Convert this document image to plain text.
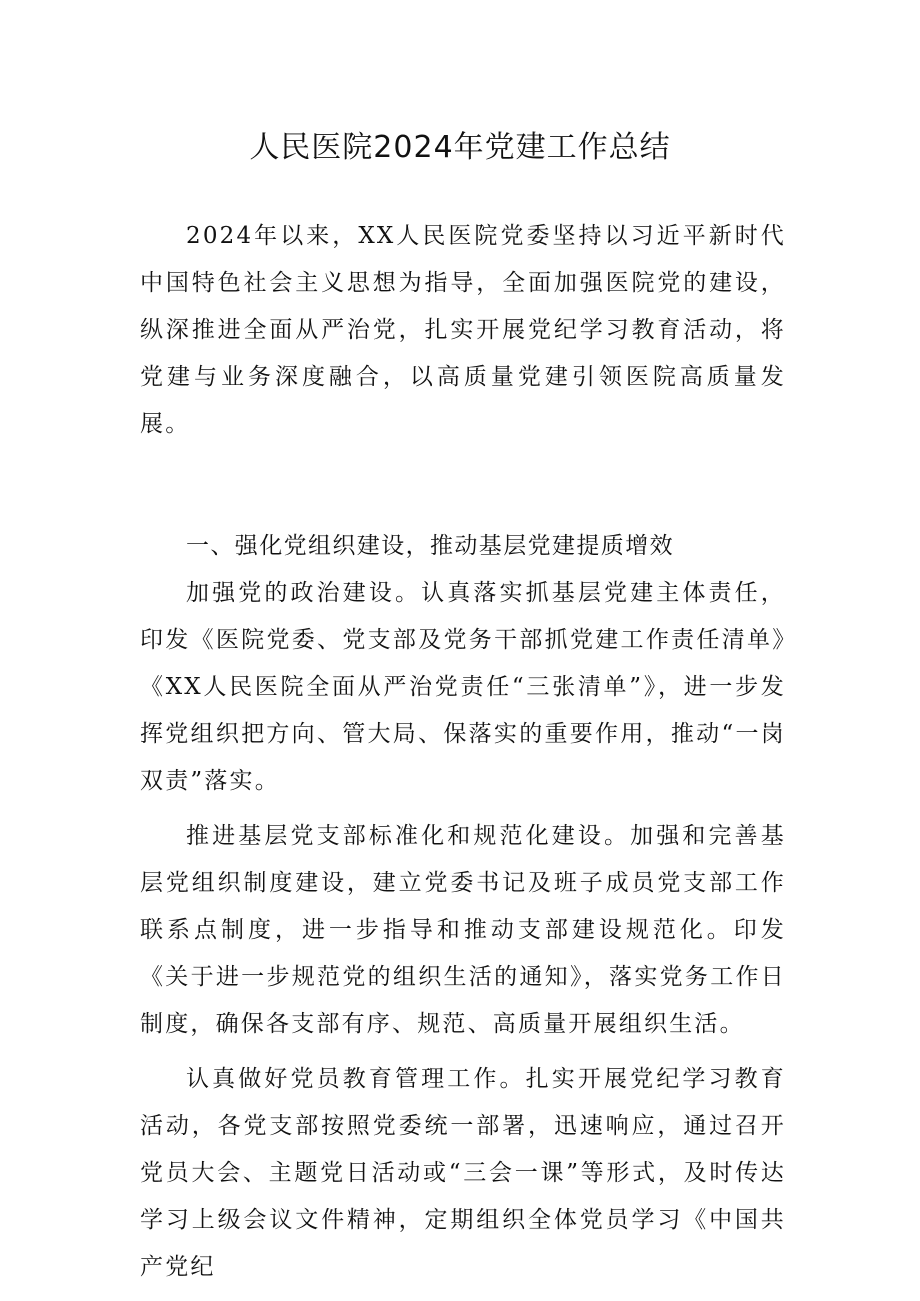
人民医院2024年党建工作总结

2024年以来，XX人民医院党委坚持以习近平新时代中国特色社会主义思想为指导，全面加强医院党的建设，纵深推进全面从严治党，扎实开展党纪学习教育活动，将党建与业务深度融合，以高质量党建引领医院高质量发展。

一、强化党组织建设，推动基层党建提质增效

加强党的政治建设。认真落实抓基层党建主体责任，印发《医院党委、党支部及党务干部抓党建工作责任清单》《XX人民医院全面从严治党责任“三张清单”》，进一步发挥党组织把方向、管大局、保落实的重要作用，推动“一岗双责”落实。

推进基层党支部标准化和规范化建设。加强和完善基层党组织制度建设，建立党委书记及班子成员党支部工作联系点制度，进一步指导和推动支部建设规范化。印发《关于进一步规范党的组织生活的通知》，落实党务工作日制度，确保各支部有序、规范、高质量开展组织生活。

认真做好党员教育管理工作。扎实开展党纪学习教育活动，各党支部按照党委统一部署，迅速响应，通过召开党员大会、主题党日活动或“三会一课”等形式，及时传达学习上级会议文件精神，定期组织全体党员学习《中国共产党纪
